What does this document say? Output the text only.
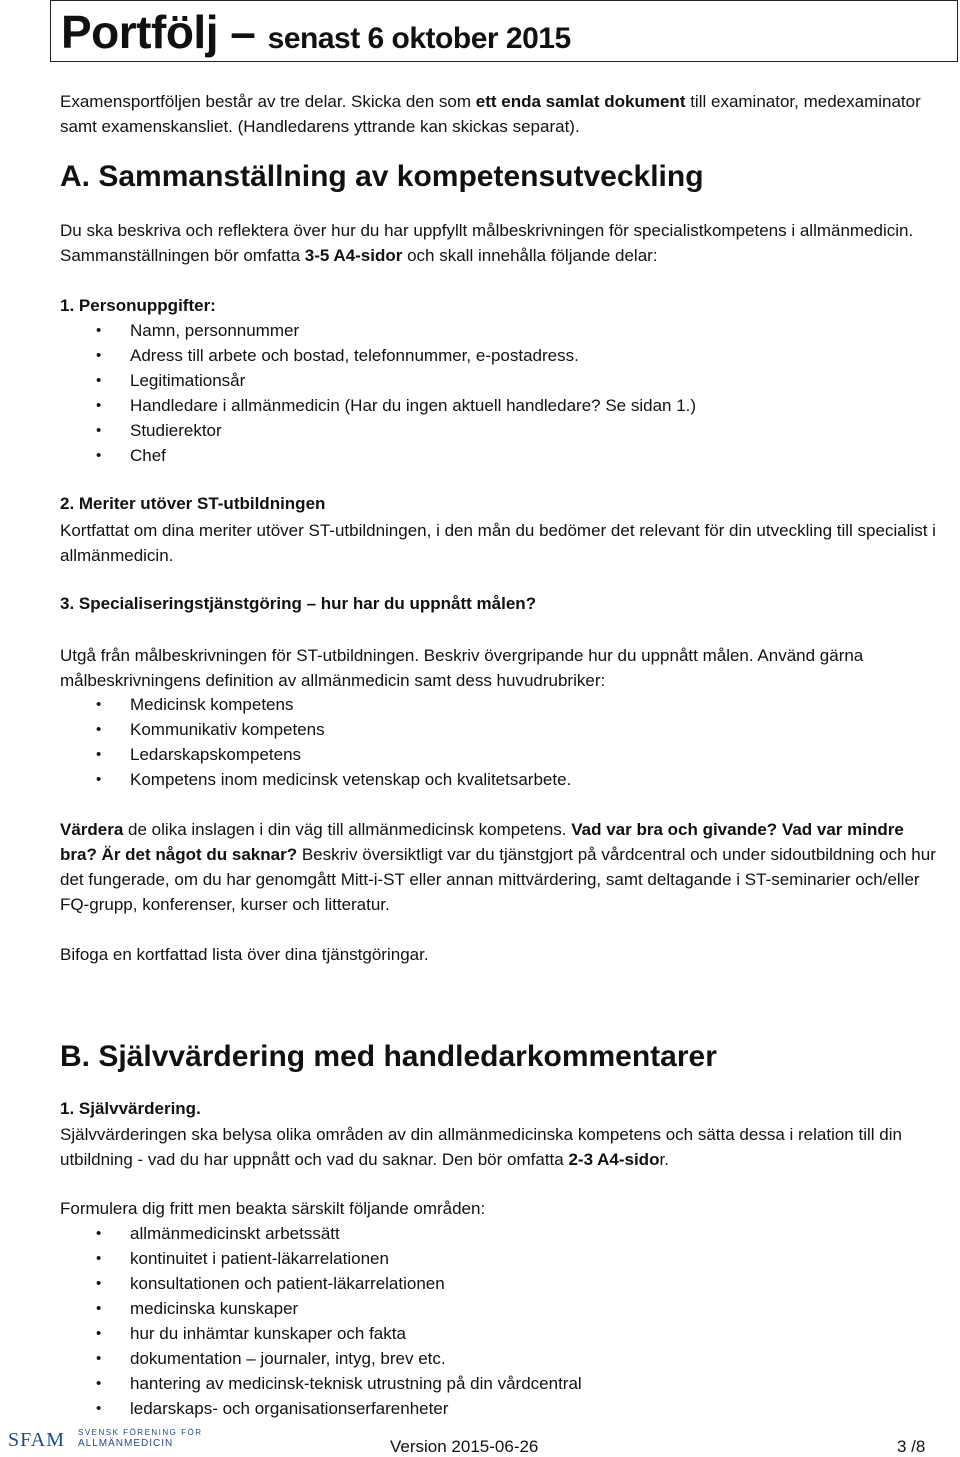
Portfölj – senast 6 oktober 2015

Examensportföljen består av tre delar. Skicka den som ett enda samlat dokument till examinator, medexaminator samt examenskansliet. (Handledarens yttrande kan skickas separat).

A. Sammanställning av kompetensutveckling

Du ska beskriva och reflektera över hur du har uppfyllt målbeskrivningen för specialistkompetens i allmänmedicin. Sammanställningen bör omfatta 3-5 A4-sidor och skall innehålla följande delar:

1. Personuppgifter:
• Namn, personnummer
• Adress till arbete och bostad, telefonnummer, e-postadress.
• Legitimationsår
• Handledare i allmänmedicin (Har du ingen aktuell handledare? Se sidan 1.)
• Studierektor
• Chef
2. Meriter utöver ST-utbildningen

Kortfattat om dina meriter utöver ST-utbildningen, i den mån du bedömer det relevant för din utveckling till specialist i allmänmedicin.

3. Specialiseringstjänstgöring – hur har du uppnått målen?

Utgå från målbeskrivningen för ST-utbildningen. Beskriv övergripande hur du uppnått målen. Använd gärna målbeskrivningens definition av allmänmedicin samt dess huvudrubriker:

• Medicinsk kompetens
• Kommunikativ kompetens
• Ledarskapskompetens
• Kompetens inom medicinsk vetenskap och kvalitetsarbete.

Värdera de olika inslagen i din väg till allmänmedicinsk kompetens. Vad var bra och givande? Vad var mindre bra? Är det något du saknar? Beskriv översiktligt var du tjänstgjort på vårdcentral och under sidoutbildning och hur det fungerade, om du har genomgått Mitt-i-ST eller annan mittvärdering, samt deltagande i ST-seminarier och/eller FQ-grupp, konferenser, kurser och litteratur.

Bifoga en kortfattad lista över dina tjänstgöringar.

B. Självvärdering med handledarkommentarer
1. Självvärdering.

Självvärderingen ska belysa olika områden av din allmänmedicinska kompetens och sätta dessa i relation till din utbildning - vad du har uppnått och vad du saknar. Den bör omfatta 2-3 A4-sidor.

Formulera dig fritt men beakta särskilt följande områden:

• allmänmedicinskt arbetssätt
• kontinuitet i patient-läkarrelationen
• konsultationen och patient-läkarrelationen
• medicinska kunskaper
• hur du inhämtar kunskaper och fakta
• dokumentation – journaler, intyg, brev etc.
• hantering av medicinsk-teknisk utrustning på din vårdcentral
• ledarskaps- och organisationserfarenheter
SFAM SVENSK FÖRENING FÖR
ALLMÄNMEDICIN	Version 2015-06-26	3 /8
